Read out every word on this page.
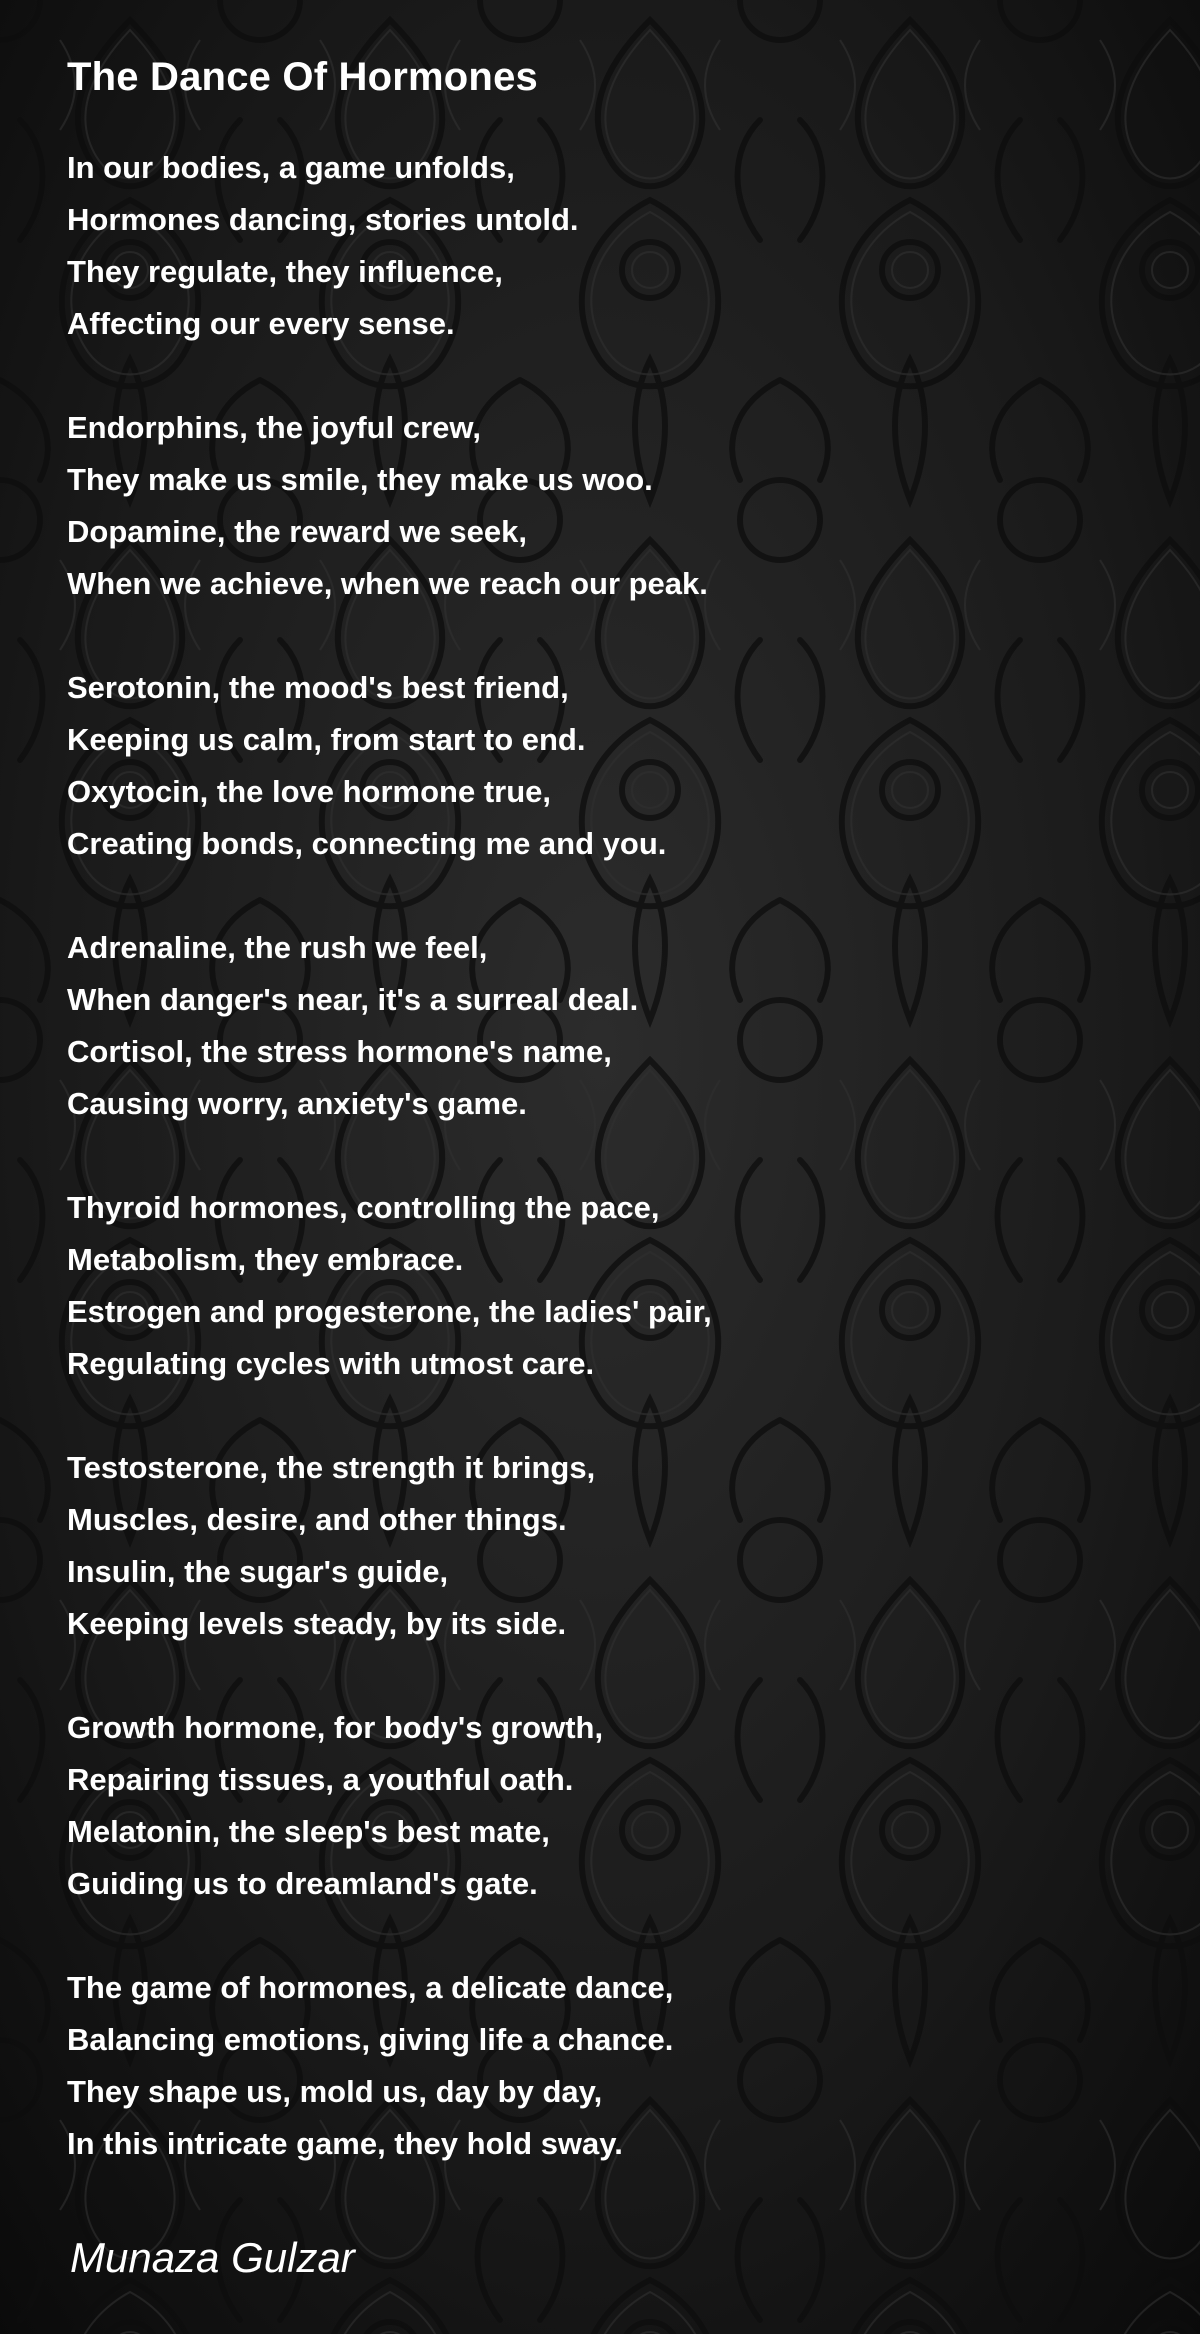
The Dance Of Hormones
In our bodies, a game unfolds,
Hormones dancing, stories untold.
They regulate, they influence,
Affecting our every sense.
Endorphins, the joyful crew,
They make us smile, they make us woo.
Dopamine, the reward we seek,
When we achieve, when we reach our peak.
Serotonin, the mood's best friend,
Keeping us calm, from start to end.
Oxytocin, the love hormone true,
Creating bonds, connecting me and you.
Adrenaline, the rush we feel,
When danger's near, it's a surreal deal.
Cortisol, the stress hormone's name,
Causing worry, anxiety's game.
Thyroid hormones, controlling the pace,
Metabolism, they embrace.
Estrogen and progesterone, the ladies' pair,
Regulating cycles with utmost care.
Testosterone, the strength it brings,
Muscles, desire, and other things.
Insulin, the sugar's guide,
Keeping levels steady, by its side.
Growth hormone, for body's growth,
Repairing tissues, a youthful oath.
Melatonin, the sleep's best mate,
Guiding us to dreamland's gate.
The game of hormones, a delicate dance,
Balancing emotions, giving life a chance.
They shape us, mold us, day by day,
In this intricate game, they hold sway.
Munaza Gulzar
